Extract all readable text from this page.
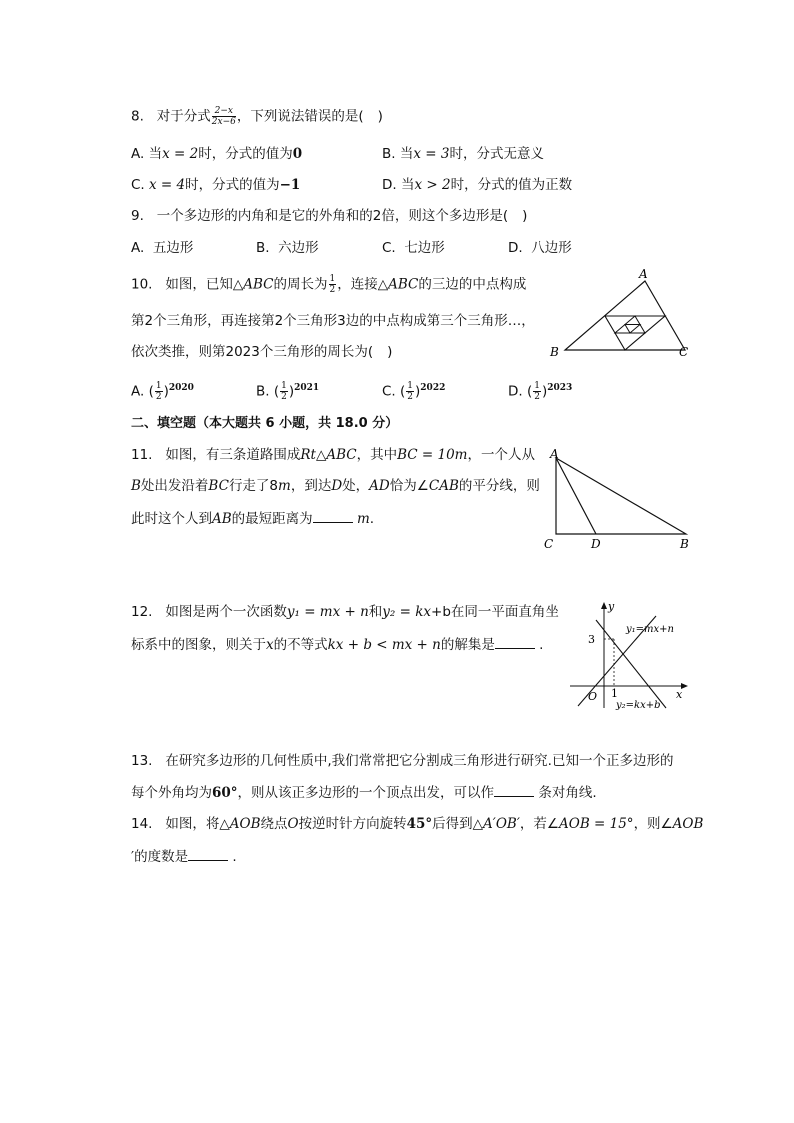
8. 对于分式 $\frac{2-x}{2x-6}$ ，下列说法错误的是( )
A. 当x = 2时，分式的值为0	B. 当x = 3时，分式无意义
C. x = 4时，分式的值为−1	D. 当x > 2时，分式的值为正数
9. 一个多边形的内角和是它的外角和的2倍，则这个多边形是( )
A. 五边形	B. 六边形	C. 七边形	D. 八边形
10. 如图，已知△ABC的周长为 $\frac{1}{2}$ ，连接△ABC的三边的中点构成
第2个三角形，再连接第2个三角形3边的中点构成第三个三角形…，
依次类推，则第2023个三角形的周长为( )
A. ( $\frac{1}{2} )^{2020}$	B. ( $\frac{1}{2} )^{2021}$	C. ( $\frac{1}{2} )^{2022}$	D. ( $\frac{1}{2} )^{2023}$
A
B	C
二、填空题（本大题共 6 小题，共 18.0 分）
11. 如图，有三条道路围成Rt△ABC，其中BC = 10m，一个人从
B处出发沿着BC行走了8m，到达D处，AD恰为∠CAB的平分线，则
此时这个人到AB的最短距离为	m.
A
C	D	B
12. 如图是两个一次函数y₁ = mx + n和y₂ = kx+b在同一平面直角坐
标系中的图象，则关于x的不等式kx + b < mx + n的解集是	.
y
x
O
3
1
y₁=mx+n
y₂=kx+b
13. 在研究多边形的几何性质中,我们常常把它分割成三角形进行研究.已知一个正多边形的
每个外角均为60°，则从该正多边形的一个顶点出发，可以作	条对角线.
14. 如图，将△AOB绕点O按逆时针方向旋转45°后得到△A′OB′，若∠AOB = 15°，则∠AOB
′的度数是	.
